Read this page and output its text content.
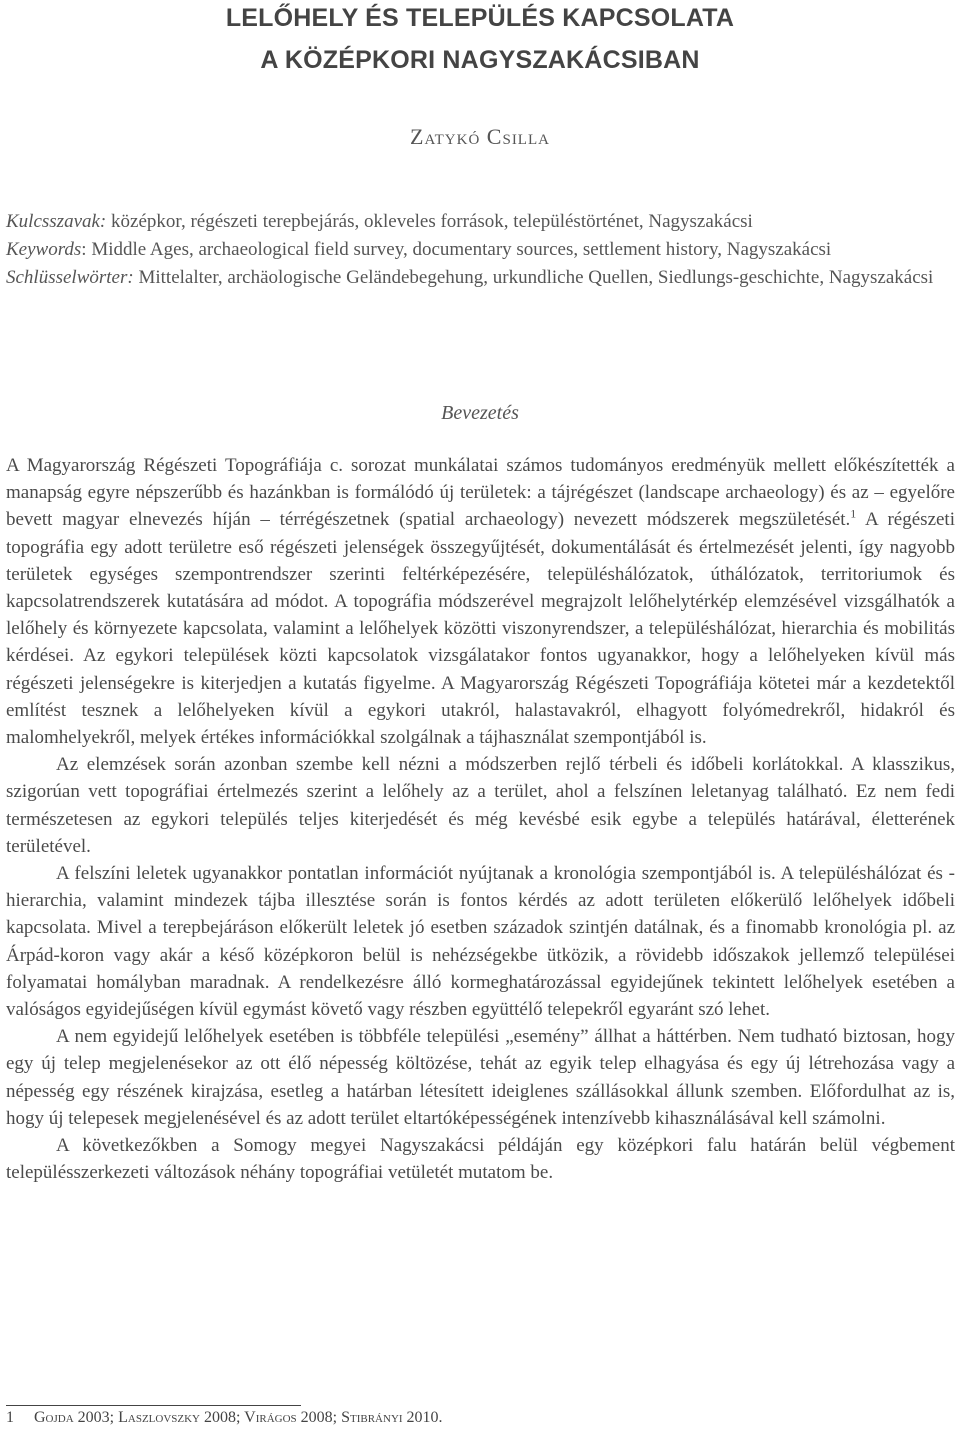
LELŐHELY ÉS TELEPÜLÉS KAPCSOLATA
A KÖZÉPKORI NAGYSZAKÁCSIBAN
Zatykó Csilla
Kulcsszavak: középkor, régészeti terepbejárás, okleveles források, településtörténet, Nagyszakácsi
Keywords: Middle Ages, archaeological field survey, documentary sources, settlement history, Nagyszakácsi
Schlüsselwörter: Mittelalter, archäologische Geländebegehung, urkundliche Quellen, Siedlungs-geschichte, Nagyszakácsi
Bevezetés

A Magyarország Régészeti Topográfiája c. sorozat munkálatai számos tudományos eredményük mellett előkészítették a manapság egyre népszerűbb és hazánkban is formálódó új területek: a tájrégészet (landscape archaeology) és az – egyelőre bevett magyar elnevezés híján – térrégészetnek (spatial archaeology) nevezett módszerek megszületését.$^1$ A régészeti topográfia egy adott területre eső régészeti jelenségek összegyűjtését, dokumentálását és értelmezését jelenti, így nagyobb területek egységes szempontrendszer szerinti feltérképezésére, településhálózatok, úthálózatok, territoriumok és kapcsolatrendszerek kutatására ad módot. A topográfia módszerével megrajzolt lelőhelytérkép elemzésével vizsgálhatók a lelőhely és környezete kapcsolata, valamint a lelőhelyek közötti viszonyrendszer, a településhálózat, hierarchia és mobilitás kérdései. Az egykori települések közti kapcsolatok vizsgálatakor fontos ugyanakkor, hogy a lelőhelyeken kívül más régészeti jelenségekre is kiterjedjen a kutatás figyelme. A Magyarország Régészeti Topográfiája kötetei már a kezdetektől említést tesznek a lelőhelyeken kívül a egykori utakról, halastavakról, elhagyott folyómedrekről, hidakról és malomhelyekről, melyek értékes információkkal szolgálnak a tájhasználat szempontjából is.

Az elemzések során azonban szembe kell nézni a módszerben rejlő térbeli és időbeli korlátokkal. A klasszikus, szigorúan vett topográfiai értelmezés szerint a lelőhely az a terület, ahol a felszínen leletanyag található. Ez nem fedi természetesen az egykori település teljes kiterjedését és még kevésbé esik egybe a település határával, életterének területével.

A felszíni leletek ugyanakkor pontatlan információt nyújtanak a kronológia szempontjából is. A településhálózat és -hierarchia, valamint mindezek tájba illesztése során is fontos kérdés az adott területen előkerülő lelőhelyek időbeli kapcsolata. Mivel a terepbejáráson előkerült leletek jó esetben századok szintjén datálnak, és a finomabb kronológia pl. az Árpád-koron vagy akár a késő középkoron belül is nehézségekbe ütközik, a rövidebb időszakok jellemző települései folyamatai homályban maradnak. A rendelkezésre álló kormeghatározással egyidejűnek tekintett lelőhelyek esetében a valóságos egyidejűségen kívül egymást követő vagy részben együttélő telepekről egyaránt szó lehet.

A nem egyidejű lelőhelyek esetében is többféle települési „esemény” állhat a háttérben. Nem tudható biztosan, hogy egy új telep megjelenésekor az ott élő népesség költözése, tehát az egyik telep elhagyása és egy új létrehozása vagy a népesség egy részének kirajzása, esetleg a határban létesített ideiglenes szállásokkal állunk szemben. Előfordulhat az is, hogy új telepesek megjelenésével és az adott terület eltartóképességének intenzívebb kihasználásával kell számolni.

A következőkben a Somogy megyei Nagyszakácsi példáján egy középkori falu határán belül végbement településszerkezeti változások néhány topográfiai vetületét mutatom be.

1 Gojda 2003; Laszlovszky 2008; Virágos 2008; Stibrányi 2010.
